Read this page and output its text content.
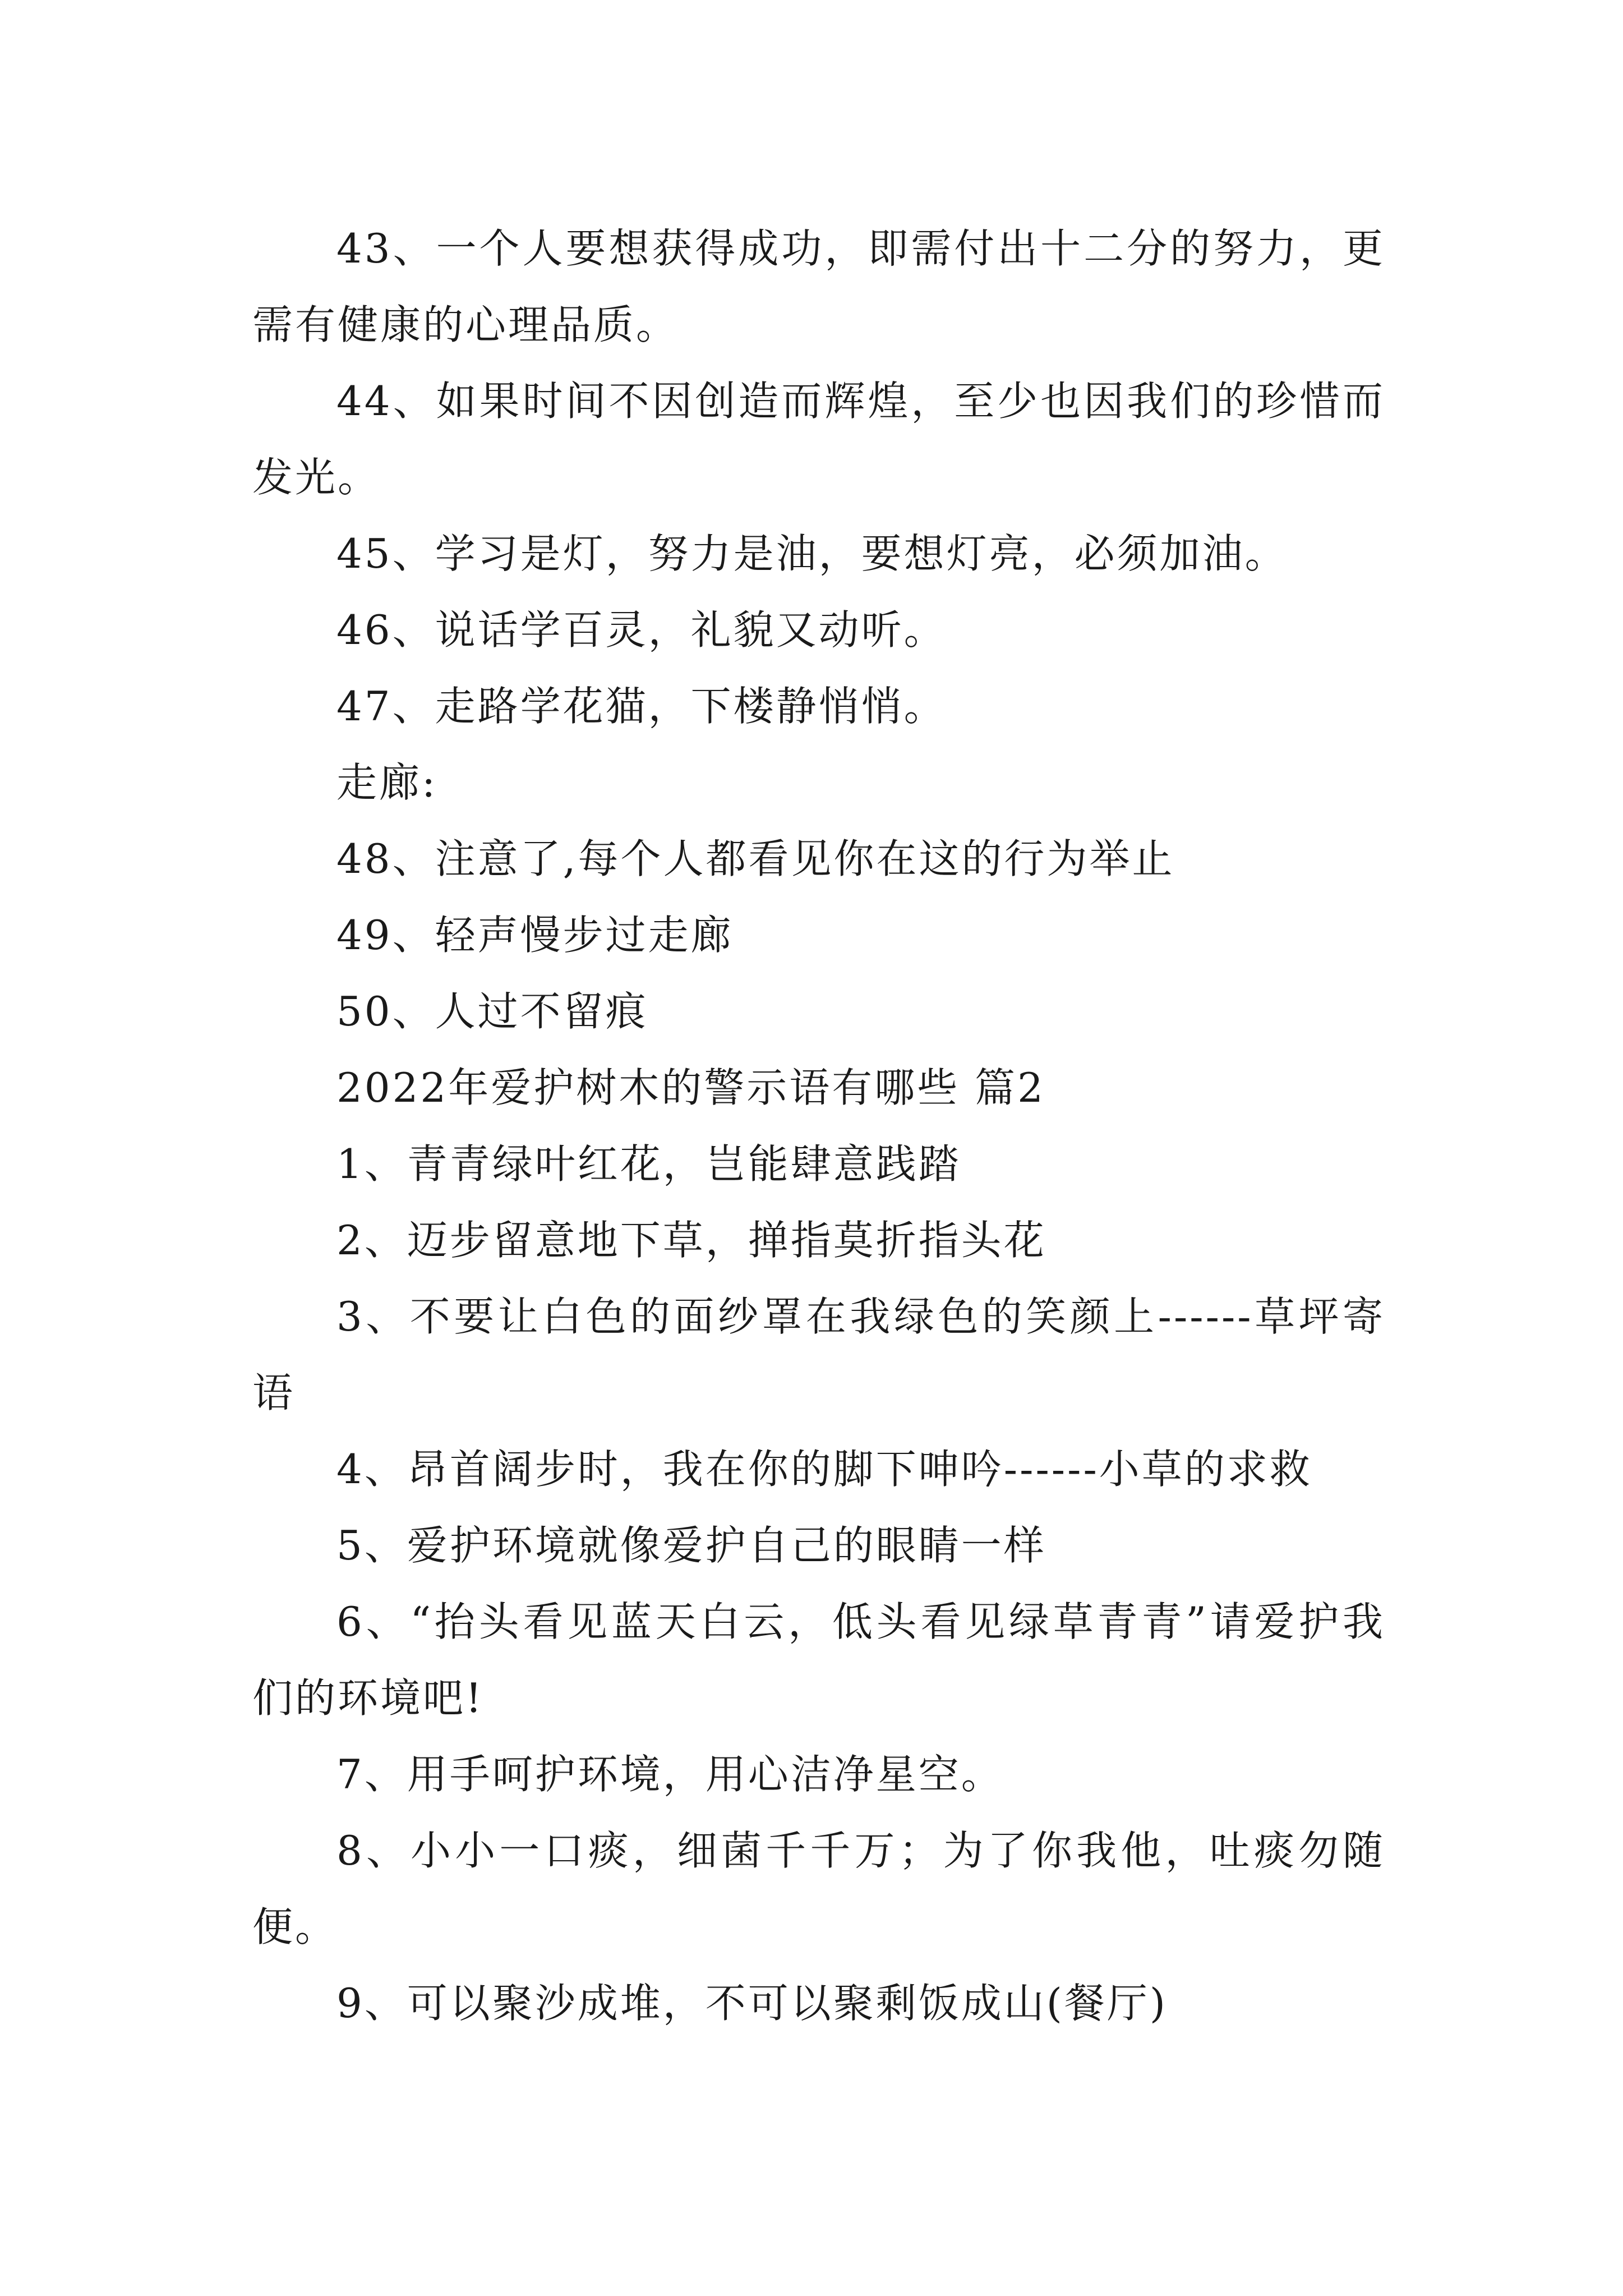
43、一个人要想获得成功，即需付出十二分的努力，更需有健康的心理品质。

44、如果时间不因创造而辉煌，至少也因我们的珍惜而发光。

45、学习是灯，努力是油，要想灯亮，必须加油。

46、说话学百灵，礼貌又动听。

47、走路学花猫，下楼静悄悄。

走廊:

48、注意了,每个人都看见你在这的行为举止

49、轻声慢步过走廊

50、人过不留痕

2022年爱护树木的警示语有哪些 篇2

1、青青绿叶红花，岂能肆意践踏

2、迈步留意地下草，掸指莫折指头花

3、不要让白色的面纱罩在我绿色的笑颜上------草坪寄语

4、昂首阔步时，我在你的脚下呻吟------小草的求救

5、爱护环境就像爱护自己的眼睛一样

6、“抬头看见蓝天白云，低头看见绿草青青”请爱护我们的环境吧!

7、用手呵护环境，用心洁净星空。

8、小小一口痰，细菌千千万；为了你我他，吐痰勿随便。

9、可以聚沙成堆，不可以聚剩饭成山(餐厅)
